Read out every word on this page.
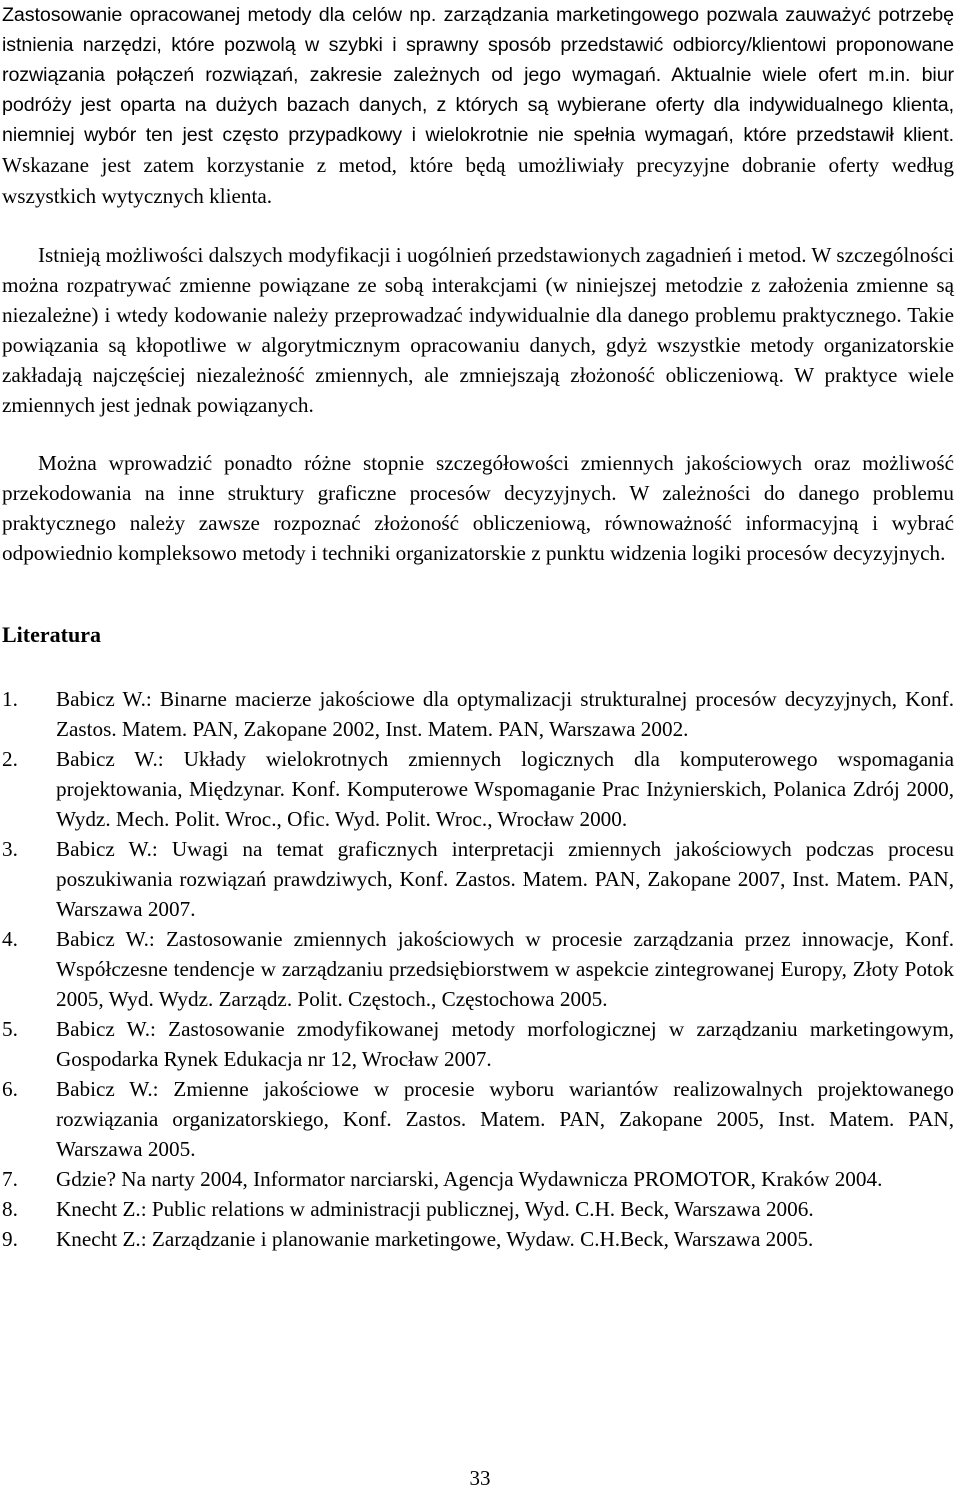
Zastosowanie opracowanej metody dla celów np. zarządzania marketingowego pozwala zauważyć potrzebę istnienia narzędzi, które pozwolą w szybki i sprawny sposób przedstawić odbiorcy/klientowi proponowane rozwiązania połączeń rozwiązań, zakresie zależnych od jego wymagań. Aktualnie wiele ofert m.in. biur podróży jest oparta na dużych bazach danych, z których są wybierane oferty dla indywidualnego klienta, niemniej wybór ten jest często przypadkowy i wielokrotnie nie spełnia wymagań, które przedstawił klient. Wskazane jest zatem korzystanie z metod, które będą umożliwiały precyzyjne dobranie oferty według wszystkich wytycznych klienta.

Istnieją możliwości dalszych modyfikacji i uogólnień przedstawionych zagadnień i metod. W szczególności można rozpatrywać zmienne powiązane ze sobą interakcjami (w niniejszej metodzie z założenia zmienne są niezależne) i wtedy kodowanie należy przeprowadzać indywidualnie dla danego problemu praktycznego. Takie powiązania są kłopotliwe w algorytmicznym opracowaniu danych, gdyż wszystkie metody organizatorskie zakładają najczęściej niezależność zmiennych, ale zmniejszają złożoność obliczeniową. W praktyce wiele zmiennych jest jednak powiązanych.

Można wprowadzić ponadto różne stopnie szczegółowości zmiennych jakościowych oraz możliwość przekodowania na inne struktury graficzne procesów decyzyjnych. W zależności do danego problemu praktycznego należy zawsze rozpoznać złożoność obliczeniową, równoważność informacyjną i wybrać odpowiednio kompleksowo metody i techniki organizatorskie z punktu widzenia logiki procesów decyzyjnych.

Literatura
1. Babicz W.: Binarne macierze jakościowe dla optymalizacji strukturalnej procesów decyzyjnych, Konf. Zastos. Matem. PAN, Zakopane 2002, Inst. Matem. PAN, Warszawa 2002.
2. Babicz W.: Układy wielokrotnych zmiennych logicznych dla komputerowego wspomagania projektowania, Międzynar. Konf. Komputerowe Wspomaganie Prac Inżynierskich, Polanica Zdrój 2000, Wydz. Mech. Polit. Wroc., Ofic. Wyd. Polit. Wroc., Wrocław 2000.
3. Babicz W.: Uwagi na temat graficznych interpretacji zmiennych jakościowych podczas procesu poszukiwania rozwiązań prawdziwych, Konf. Zastos. Matem. PAN, Zakopane 2007, Inst. Matem. PAN, Warszawa 2007.
4. Babicz W.: Zastosowanie zmiennych jakościowych w procesie zarządzania przez innowacje, Konf. Współczesne tendencje w zarządzaniu przedsiębiorstwem w aspekcie zintegrowanej Europy, Złoty Potok 2005, Wyd. Wydz. Zarządz. Polit. Częstoch., Częstochowa 2005.
5. Babicz W.: Zastosowanie zmodyfikowanej metody morfologicznej w zarządzaniu marketingowym, Gospodarka Rynek Edukacja nr 12, Wrocław 2007.
6. Babicz W.: Zmienne jakościowe w procesie wyboru wariantów realizowalnych projektowanego rozwiązania organizatorskiego, Konf. Zastos. Matem. PAN, Zakopane 2005, Inst. Matem. PAN, Warszawa 2005.
7. Gdzie? Na narty 2004, Informator narciarski, Agencja Wydawnicza PROMOTOR, Kraków 2004.
8. Knecht Z.: Public relations w administracji publicznej, Wyd. C.H. Beck, Warszawa 2006.
9. Knecht Z.: Zarządzanie i planowanie marketingowe, Wydaw. C.H.Beck, Warszawa 2005.
33
